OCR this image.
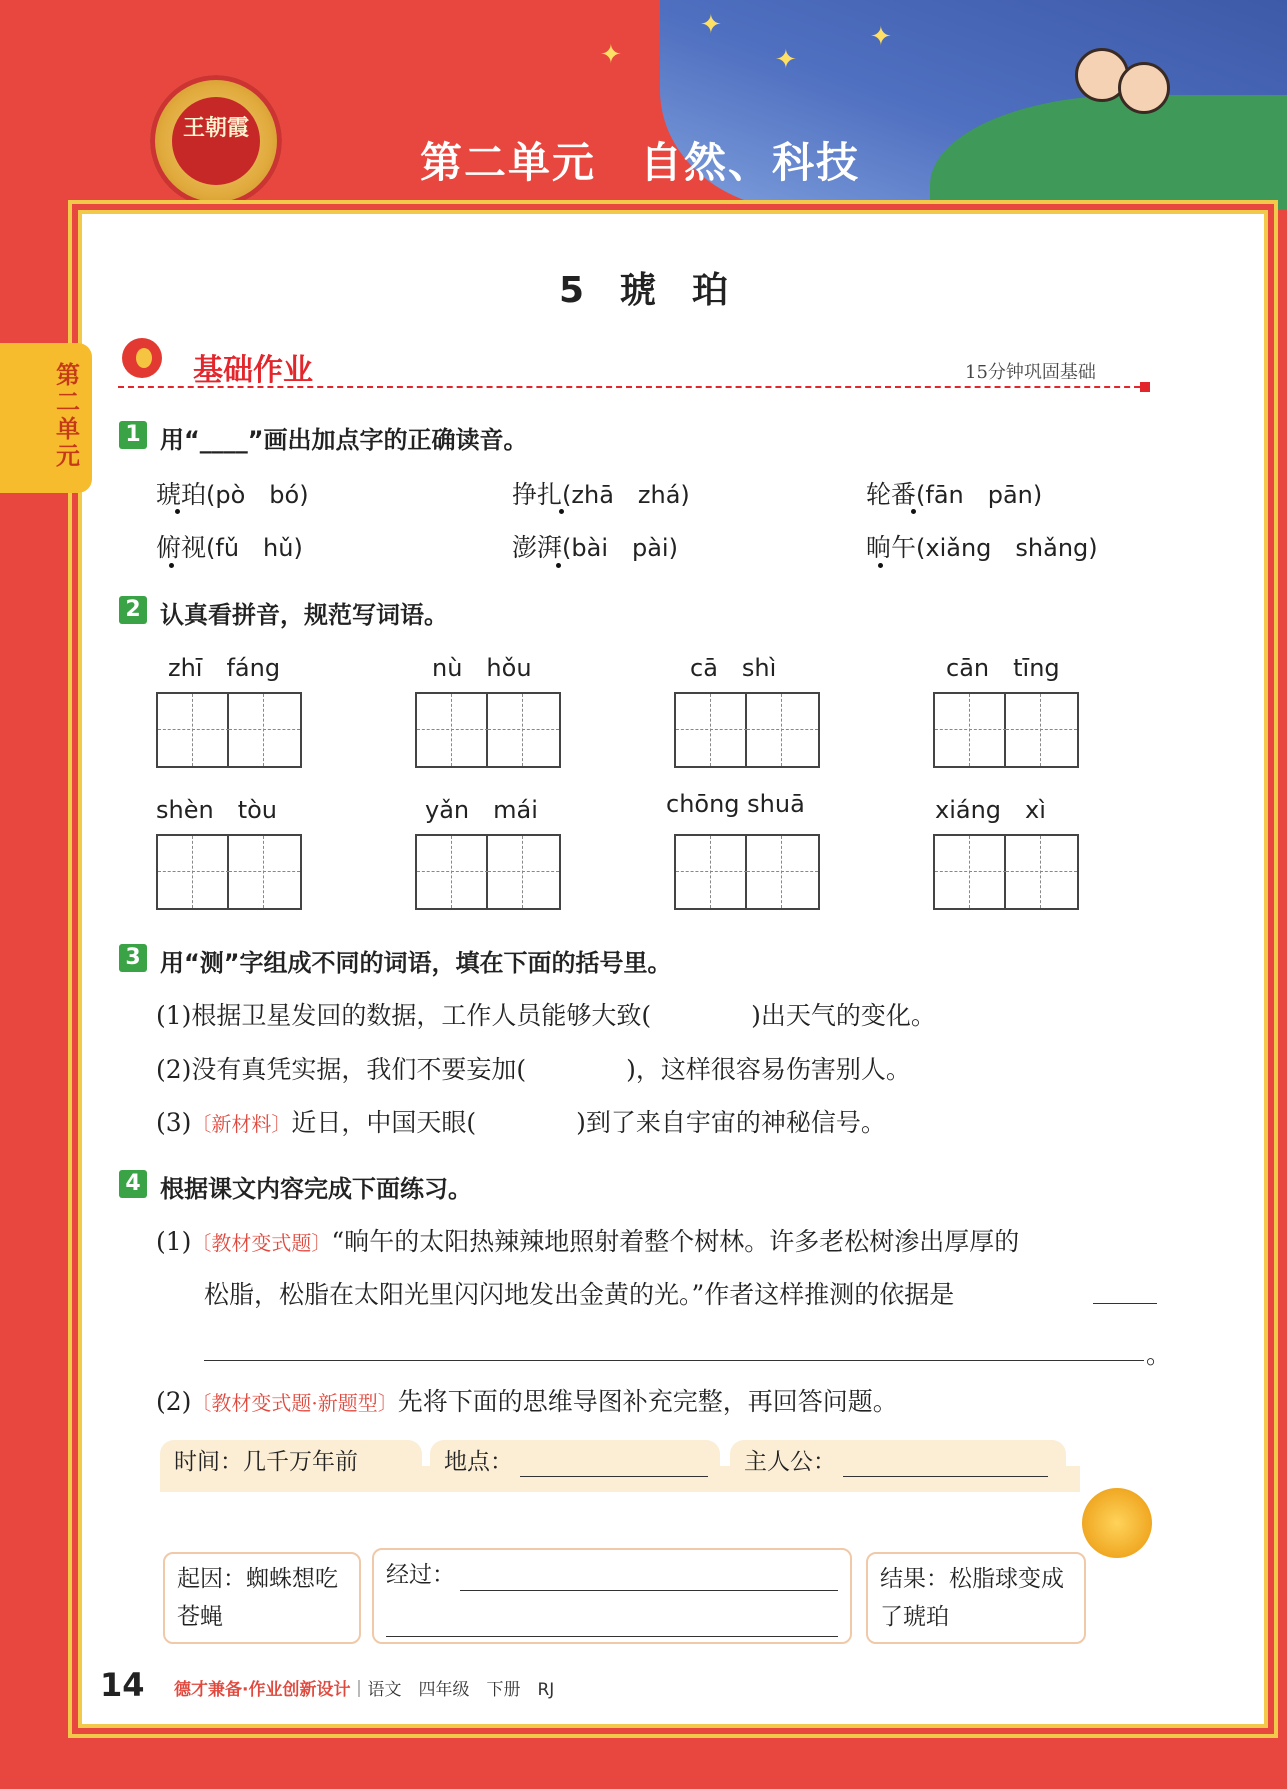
✦
✦
✦
✦
王朝霞
第二单元　自然、科技
第二单元
5　琥　珀
基础作业	15分钟巩固基础
1 用“____”画出加点字的正确读音。
琥珀(pò　bó)	挣扎(zhā　zhá)	轮番(fān　pān)
俯视(fǔ　hǔ)	澎湃(bài　pài)	晌午(xiǎng　shǎng)
2 认真看拼音，规范写词语。
zhī　fáng	nù　hǒu	cā　shì	cān　tīng
shèn　tòu	yǎn　mái	chōng shuā	xiáng　xì
3 用“测”字组成不同的词语，填在下面的括号里。
(1)根据卫星发回的数据，工作人员能够大致(　　　　)出天气的变化。
(2)没有真凭实据，我们不要妄加(　　　　)，这样很容易伤害别人。
(3)〔新材料〕近日，中国天眼(　　　　)到了来自宇宙的神秘信号。
4 根据课文内容完成下面练习。
(1)〔教材变式题〕“晌午的太阳热辣辣地照射着整个树林。许多老松树渗出厚厚的
松脂，松脂在太阳光里闪闪地发出金黄的光。”作者这样推测的依据是
。
(2)〔教材变式题·新题型〕先将下面的思维导图补充完整，再回答问题。
时间：几千万年前	地点：	主人公：
起因：蜘蛛想吃苍蝇
经过：	结果：松脂球变成了琥珀
14 德才兼备·作业创新设计｜语文　四年级　下册　RJ
